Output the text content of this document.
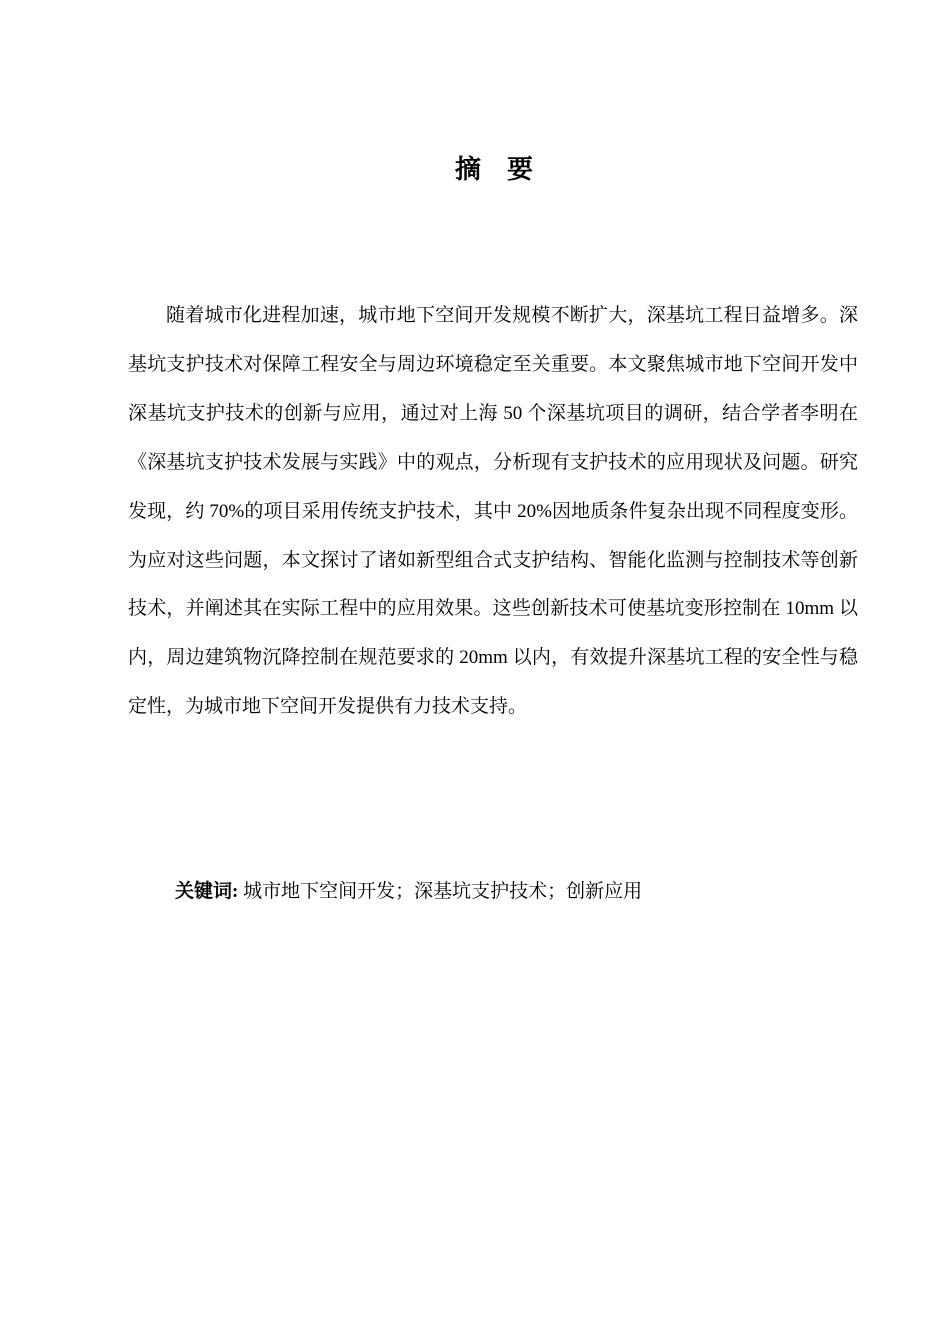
摘    要

随着城市化进程加速，城市地下空间开发规模不断扩大，深基坑工程日益增多。深基坑支护技术对保障工程安全与周边环境稳定至关重要。本文聚焦城市地下空间开发中深基坑支护技术的创新与应用，通过对上海 50 个深基坑项目的调研，结合学者李明在《深基坑支护技术发展与实践》中的观点，分析现有支护技术的应用现状及问题。研究发现，约 70%的项目采用传统支护技术，其中 20%因地质条件复杂出现不同程度变形。为应对这些问题，本文探讨了诸如新型组合式支护结构、智能化监测与控制技术等创新技术，并阐述其在实际工程中的应用效果。这些创新技术可使基坑变形控制在 10mm 以内，周边建筑物沉降控制在规范要求的 20mm 以内，有效提升深基坑工程的安全性与稳定性，为城市地下空间开发提供有力技术支持。

关键词: 城市地下空间开发；深基坑支护技术；创新应用
